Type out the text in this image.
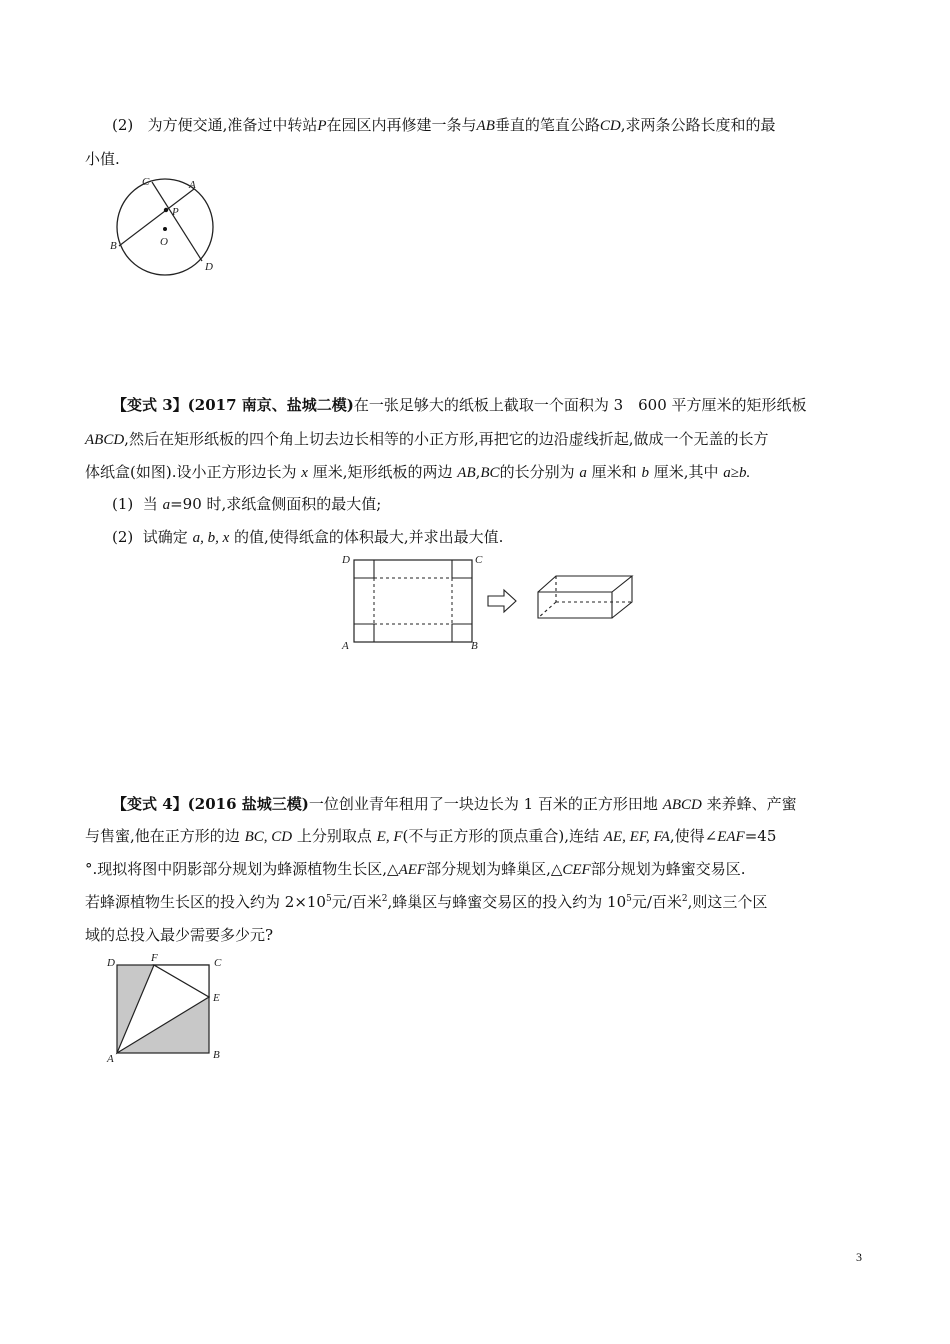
(2) 为方便交通,准备过中转站P在园区内再修建一条与AB垂直的笔直公路CD,求两条公路长度和的最
小值.
C	A
P
B	O
D
【变式 3】(2017 南京、盐城二模)在一张足够大的纸板上截取一个面积为 3　600 平方厘米的矩形纸板
ABCD,然后在矩形纸板的四个角上切去边长相等的小正方形,再把它的边沿虚线折起,做成一个无盖的长方
体纸盒(如图).设小正方形边长为 x 厘米,矩形纸板的两边 AB,BC的长分别为 a 厘米和 b 厘米,其中 a≥b.
(1) 当 a=90 时,求纸盒侧面积的最大值;
(2) 试确定 a, b, x 的值,使得纸盒的体积最大,并求出最大值.
D	C
A	B
【变式 4】(2016 盐城三模)一位创业青年租用了一块边长为 1 百米的正方形田地 ABCD 来养蜂、产蜜
与售蜜,他在正方形的边 BC, CD 上分别取点 E, F(不与正方形的顶点重合),连结 AE, EF, FA,使得∠EAF=45
°.现拟将图中阴影部分规划为蜂源植物生长区,△AEF部分规划为蜂巢区,△CEF部分规划为蜂蜜交易区.
若蜂源植物生长区的投入约为 $2\times 10^5$元/百米$^2$,蜂巢区与蜂蜜交易区的投入约为 $10^5$元/百米$^2$,则这三个区
域的总投入最少需要多少元?
D	F	C
E
A	B
3
